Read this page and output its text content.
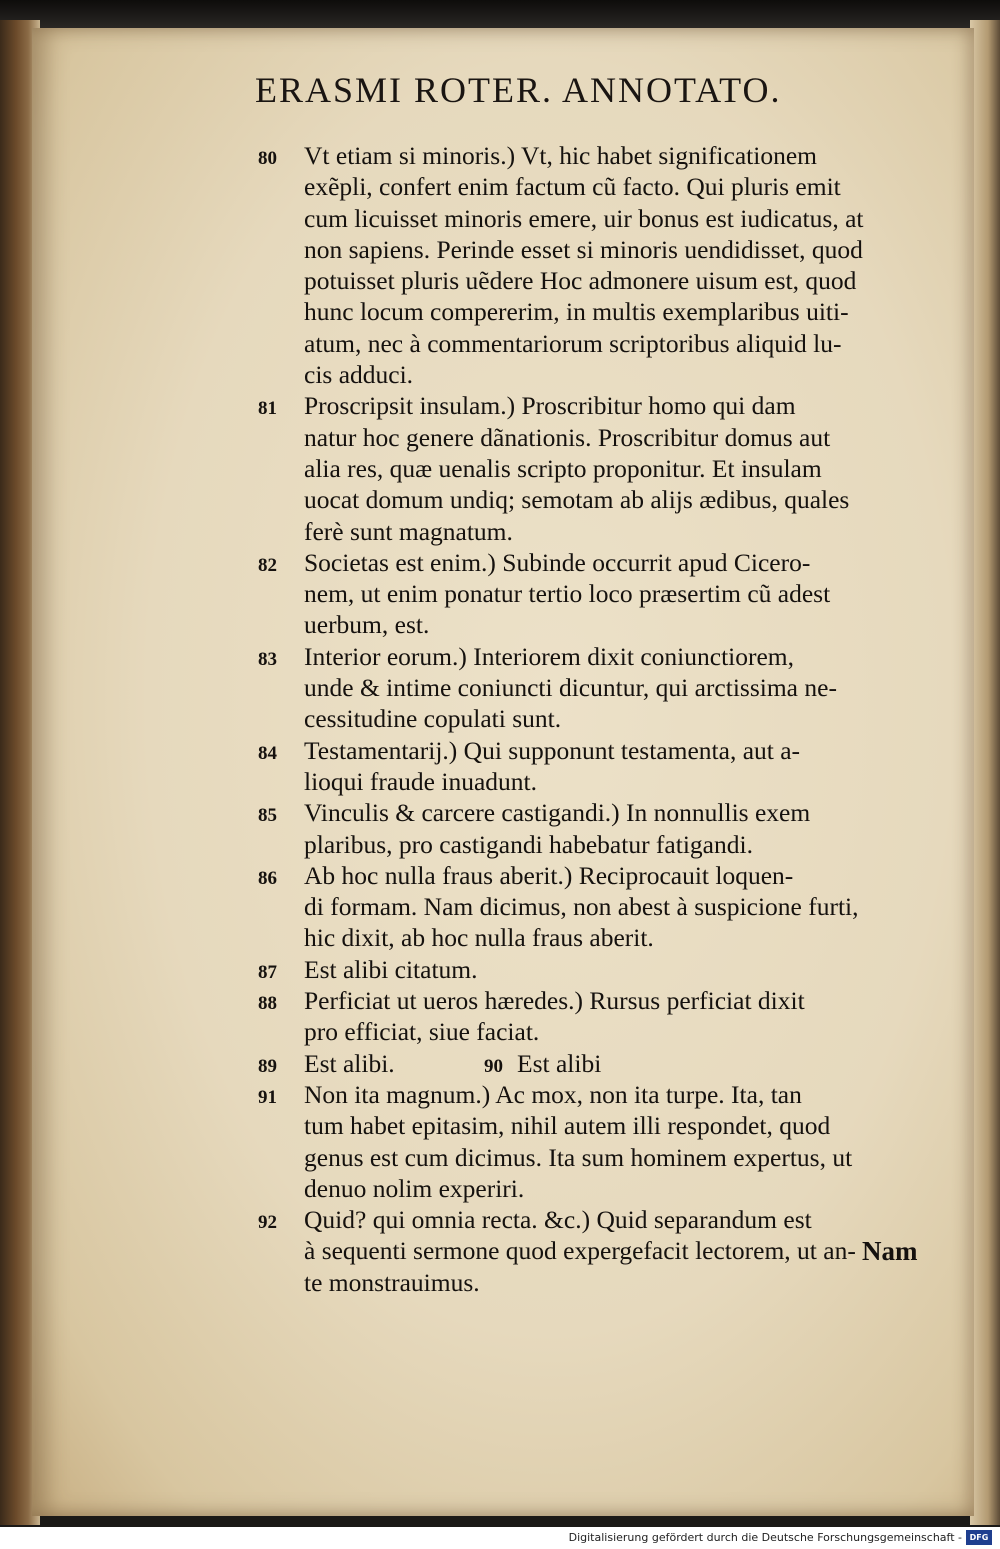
ERASMI ROTER. ANNOTATO.
80 Vt etiam si minoris.) Vt, hic habet significationem
exẽpli, confert enim factum cũ facto. Qui pluris emit
cum licuisset minoris emere, uir bonus est iudicatus, at
non sapiens. Perinde esset si minoris uendidisset, quod
potuisset pluris uẽdere Hoc admonere uisum est, quod
hunc locum compererim, in multis exemplaribus uiti-
atum, nec à commentariorum scriptoribus aliquid lu-
cis adduci.
81 Proscripsit insulam.) Proscribitur homo qui dam
natur hoc genere dãnationis. Proscribitur domus aut
alia res, quæ uenalis scripto proponitur. Et insulam
uocat domum undiq; semotam ab alijs ædibus, quales
ferè sunt magnatum.
82 Societas est enim.) Subinde occurrit apud Cicero-
nem, ut enim ponatur tertio loco præsertim cũ adest
uerbum, est.
83 Interior eorum.) Interiorem dixit coniunctiorem,
unde & intime coniuncti dicuntur, qui arctissima ne-
cessitudine copulati sunt.
84 Testamentarij.) Qui supponunt testamenta, aut a-
lioqui fraude inuadunt.
85 Vinculis & carcere castigandi.) In nonnullis exem
plaribus, pro castigandi habebatur fatigandi.
86 Ab hoc nulla fraus aberit.) Reciprocauit loquen-
di formam. Nam dicimus, non abest à suspicione furti,
hic dixit, ab hoc nulla fraus aberit.
87 Est alibi citatum.
88 Perficiat ut ueros hæredes.) Rursus perficiat dixit
pro efficiat, siue faciat.
89 Est alibi.	90 Est alibi
91 Non ita magnum.) Ac mox, non ita turpe. Ita, tan
tum habet epitasim, nihil autem illi respondet, quod
genus est cum dicimus. Ita sum hominem expertus, ut
denuo nolim experiri.
92 Quid? qui omnia recta. &c.) Quid separandum est
à sequenti sermone quod expergefacit lectorem, ut an-
te monstrauimus.
Nam
Digitalisierung gefördert durch die Deutsche Forschungsgemeinschaft - DFG
